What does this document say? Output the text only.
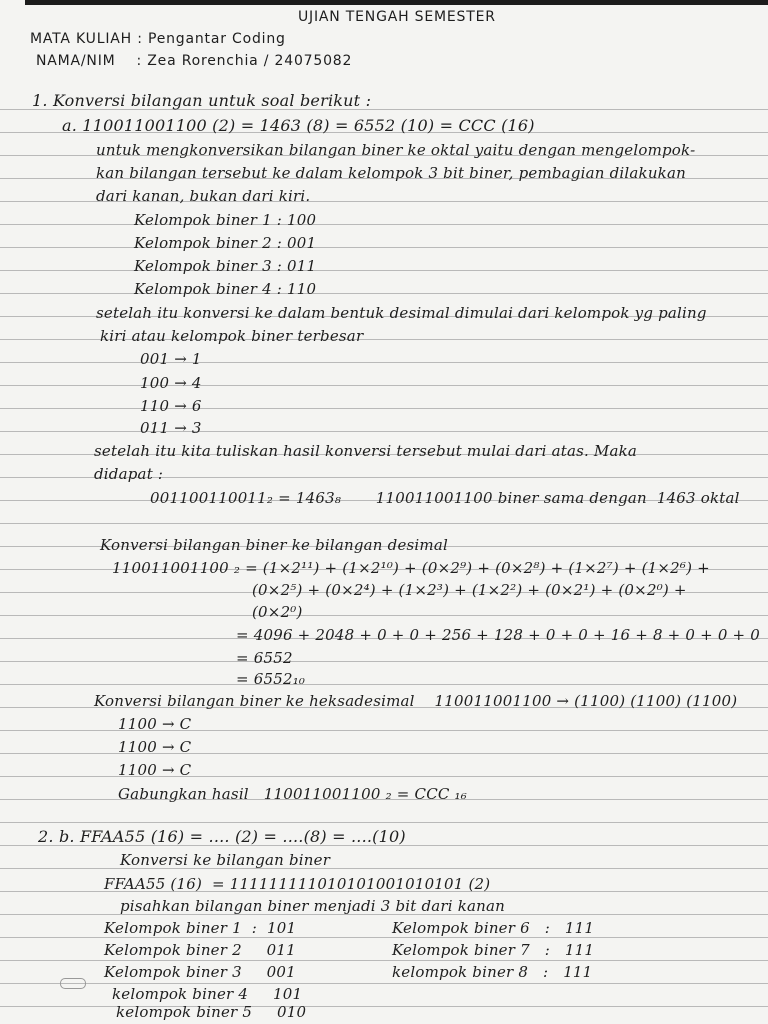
UJIAN TENGAH SEMESTER
MATA KULIAH : Pengantar Coding
NAMA/NIM    : Zea Rorenchia / 24075082
1. Konversi bilangan untuk soal berikut :
a. 110011001100 (2) = 1463 (8) = 6552 (10) = CCC (16)
untuk mengkonversikan bilangan biner ke oktal yaitu dengan mengelompok-
kan bilangan tersebut ke dalam kelompok 3 bit biner, pembagian dilakukan
dari kanan, bukan dari kiri.
Kelompok biner 1 : 100
Kelompok biner 2 : 001
Kelompok biner 3 : 011
Kelompok biner 4 : 110
setelah itu konversi ke dalam bentuk desimal dimulai dari kelompok yg paling
kiri atau kelompok biner terbesar
001 → 1
100 → 4
110 → 6
011 → 3
setelah itu kita tuliskan hasil konversi tersebut mulai dari atas. Maka
didapat :
001100110011₂ = 1463₈       110011001100 biner sama dengan  1463 oktal
Konversi bilangan biner ke bilangan desimal
110011001100 ₂ = (1×2¹¹) + (1×2¹⁰) + (0×2⁹) + (0×2⁸) + (1×2⁷) + (1×2⁶) +
(0×2⁵) + (0×2⁴) + (1×2³) + (1×2²) + (0×2¹) + (0×2⁰) +
(0×2⁰)
= 4096 + 2048 + 0 + 0 + 256 + 128 + 0 + 0 + 16 + 8 + 0 + 0 + 0
= 6552
= 6552₁₀
Konversi bilangan biner ke heksadesimal    110011001100 → (1100) (1100) (1100)
1100 → C
1100 → C
1100 → C
Gabungkan hasil   110011001100 ₂ = CCC ₁₆
2. b. FFAA55 (16) = .... (2) = ....(8) = ....(10)
Konversi ke bilangan biner
FFAA55 (16)  = 111111111010101001010101 (2)
pisahkan bilangan biner menjadi 3 bit dari kanan
Kelompok biner 1  :  101
Kelompok biner 2     011
Kelompok biner 3     001
kelompok biner 4     101
kelompok biner 5     010
Kelompok biner 6   :   111
Kelompok biner 7   :   111
kelompok biner 8   :   111
